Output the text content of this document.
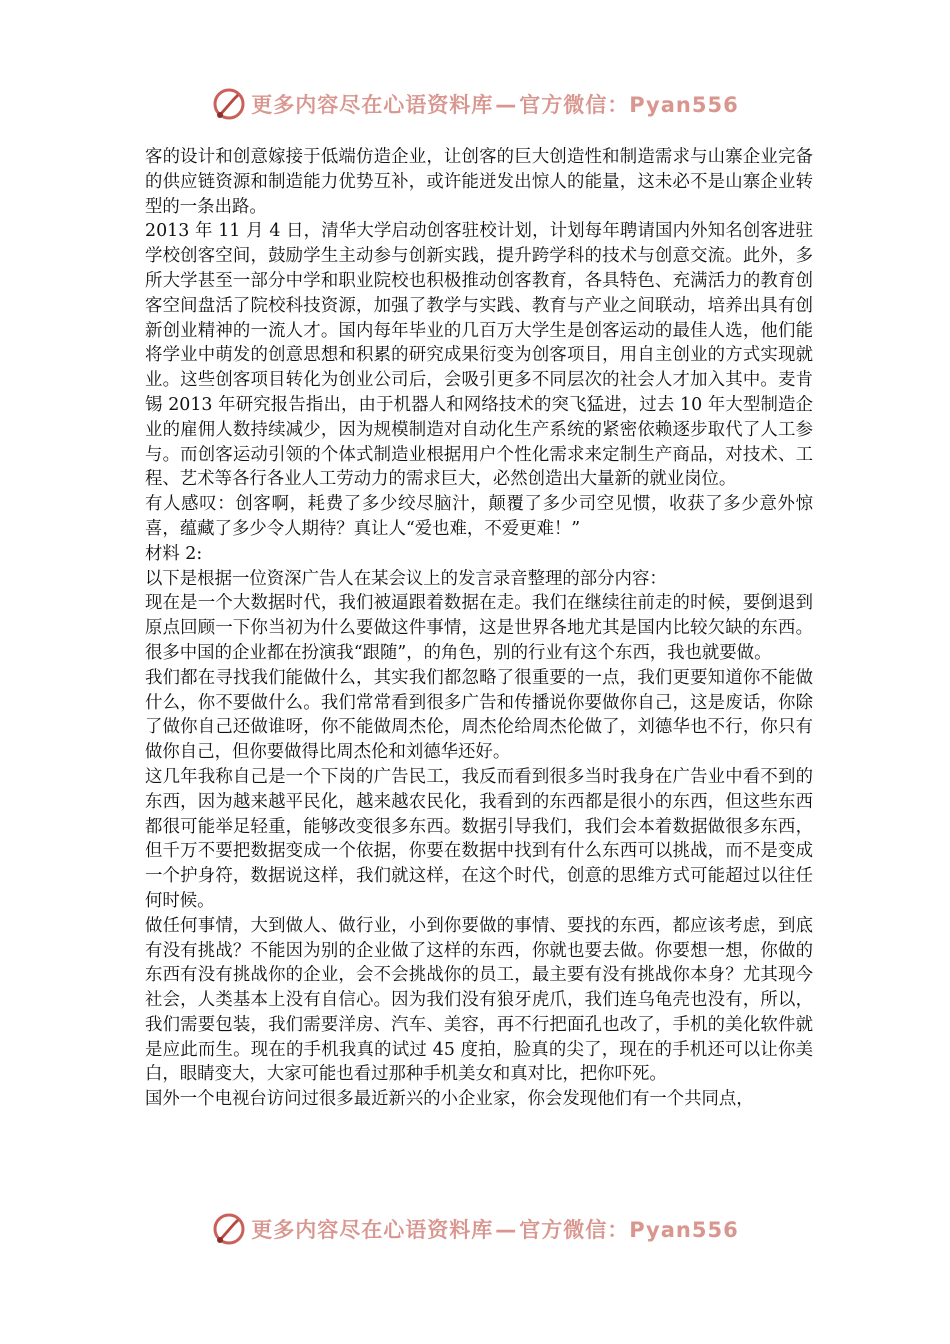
更多内容尽在心语资料库—官方微信：Pyan556

客的设计和创意嫁接于低端仿造企业，让创客的巨大创造性和制造需求与山寨企业完备的供应链资源和制造能力优势互补，或许能迸发出惊人的能量，这未必不是山寨企业转型的一条出路。

2013 年 11 月 4 日，清华大学启动创客驻校计划，计划每年聘请国内外知名创客进驻学校创客空间，鼓励学生主动参与创新实践，提升跨学科的技术与创意交流。此外，多所大学甚至一部分中学和职业院校也积极推动创客教育，各具特色、充满活力的教育创客空间盘活了院校科技资源，加强了教学与实践、教育与产业之间联动，培养出具有创新创业精神的一流人才。国内每年毕业的几百万大学生是创客运动的最佳人选，他们能将学业中萌发的创意思想和积累的研究成果衍变为创客项目，用自主创业的方式实现就业。这些创客项目转化为创业公司后，会吸引更多不同层次的社会人才加入其中。麦肯锡 2013 年研究报告指出，由于机器人和网络技术的突飞猛进，过去 10 年大型制造企业的雇佣人数持续减少，因为规模制造对自动化生产系统的紧密依赖逐步取代了人工参与。而创客运动引领的个体式制造业根据用户个性化需求来定制生产商品，对技术、工程、艺术等各行各业人工劳动力的需求巨大，必然创造出大量新的就业岗位。

有人感叹：创客啊，耗费了多少绞尽脑汁，颠覆了多少司空见惯，收获了多少意外惊喜，蕴藏了多少令人期待？真让人“爱也难，不爱更难！”

材料 2:

以下是根据一位资深广告人在某会议上的发言录音整理的部分内容：

现在是一个大数据时代，我们被逼跟着数据在走。我们在继续往前走的时候，要倒退到原点回顾一下你当初为什么要做这件事情，这是世界各地尤其是国内比较欠缺的东西。很多中国的企业都在扮演我“跟随”，的角色，别的行业有这个东西，我也就要做。

我们都在寻找我们能做什么，其实我们都忽略了很重要的一点，我们更要知道你不能做什么，你不要做什么。我们常常看到很多广告和传播说你要做你自己，这是废话，你除了做你自己还做谁呀，你不能做周杰伦，周杰伦给周杰伦做了，刘德华也不行，你只有做你自己，但你要做得比周杰伦和刘德华还好。

这几年我称自己是一个下岗的广告民工，我反而看到很多当时我身在广告业中看不到的东西，因为越来越平民化，越来越农民化，我看到的东西都是很小的东西，但这些东西都很可能举足轻重，能够改变很多东西。数据引导我们，我们会本着数据做很多东西，但千万不要把数据变成一个依据，你要在数据中找到有什么东西可以挑战，而不是变成一个护身符，数据说这样，我们就这样，在这个时代，创意的思维方式可能超过以往任何时候。

做任何事情，大到做人、做行业，小到你要做的事情、要找的东西，都应该考虑，到底有没有挑战？不能因为别的企业做了这样的东西，你就也要去做。你要想一想，你做的东西有没有挑战你的企业，会不会挑战你的员工，最主要有没有挑战你本身？尤其现今社会，人类基本上没有自信心。因为我们没有狼牙虎爪，我们连乌龟壳也没有，所以，我们需要包装，我们需要洋房、汽车、美容，再不行把面孔也改了，手机的美化软件就是应此而生。现在的手机我真的试过 45 度拍，脸真的尖了，现在的手机还可以让你美白，眼睛变大，大家可能也看过那种手机美女和真对比，把你吓死。

国外一个电视台访问过很多最近新兴的小企业家，你会发现他们有一个共同点，

更多内容尽在心语资料库—官方微信：Pyan556
